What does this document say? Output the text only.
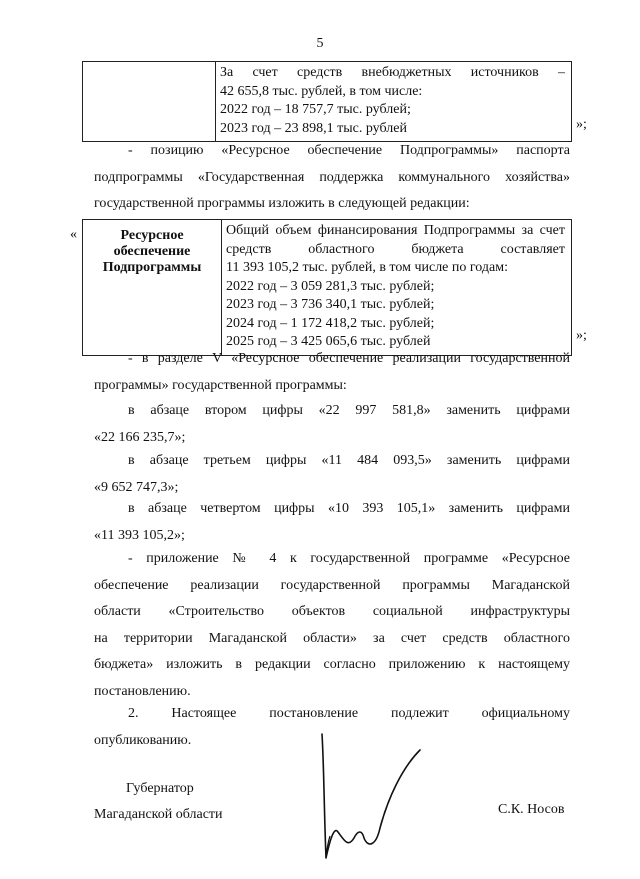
5

За счет средств внебюджетных источников –
42 655,8 тыс. рублей, в том числе:
2022 год – 18 757,7 тыс. рублей;
2023 год – 23 898,1 тыс. рублей	»;
- позицию «Ресурсное обеспечение Подпрограммы» паспорта
подпрограммы «Государственная поддержка коммунального хозяйства»
государственной программы изложить в следующей редакции:
«	Ресурсное обеспечение Подпрограммы	
Общий объем финансирования Подпрограммы за счет
средств областного бюджета составляет
11 393 105,2 тыс. рублей, в том числе по годам:
2022 год – 3 059 281,3 тыс. рублей;
2023 год – 3 736 340,1 тыс. рублей;
2024 год – 1 172 418,2 тыс. рублей;
2025 год – 3 425 065,6 тыс. рублей	»;
- в разделе V «Ресурсное обеспечение реализации государственной
программы» государственной программы:
в абзаце втором цифры «22 997 581,8» заменить цифрами
«22 166 235,7»;
в абзаце третьем цифры «11 484 093,5» заменить цифрами
«9 652 747,3»;
в абзаце четвертом цифры «10 393 105,1» заменить цифрами
«11 393 105,2»;
- приложение № 4 к государственной программе «Ресурсное
обеспечение реализации государственной программы Магаданской
области «Строительство объектов социальной инфраструктуры
на территории Магаданской области» за счет средств областного
бюджета» изложить в редакции согласно приложению к настоящему
постановлению.
2. Настоящее постановление подлежит официальному
опубликованию.
Губернатор
Магаданской области	С.К. Носов
